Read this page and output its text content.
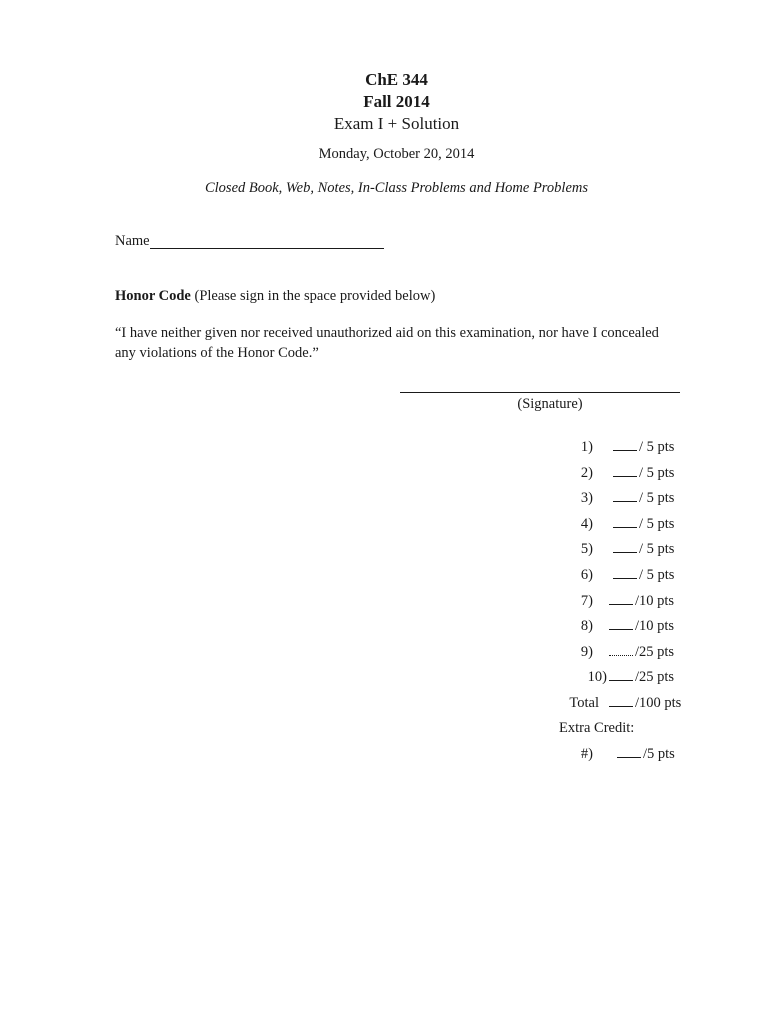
ChE 344
Fall 2014
Exam I + Solution
Monday, October 20, 2014
Closed Book, Web, Notes, In-Class Problems and Home Problems
Name
Honor Code (Please sign in the space provided below)
“I have neither given nor received unauthorized aid on this examination, nor have I concealed any violations of the Honor Code.”
(Signature)
1)	/ 5 pts
2)	/ 5 pts
3)	/ 5 pts
4)	/ 5 pts
5)	/ 5 pts
6)	/ 5 pts
7)	/10 pts
8)	/10 pts
9)	/25 pts
10)	/25 pts
Total	/100 pts
Extra Credit:
#)	/5 pts
